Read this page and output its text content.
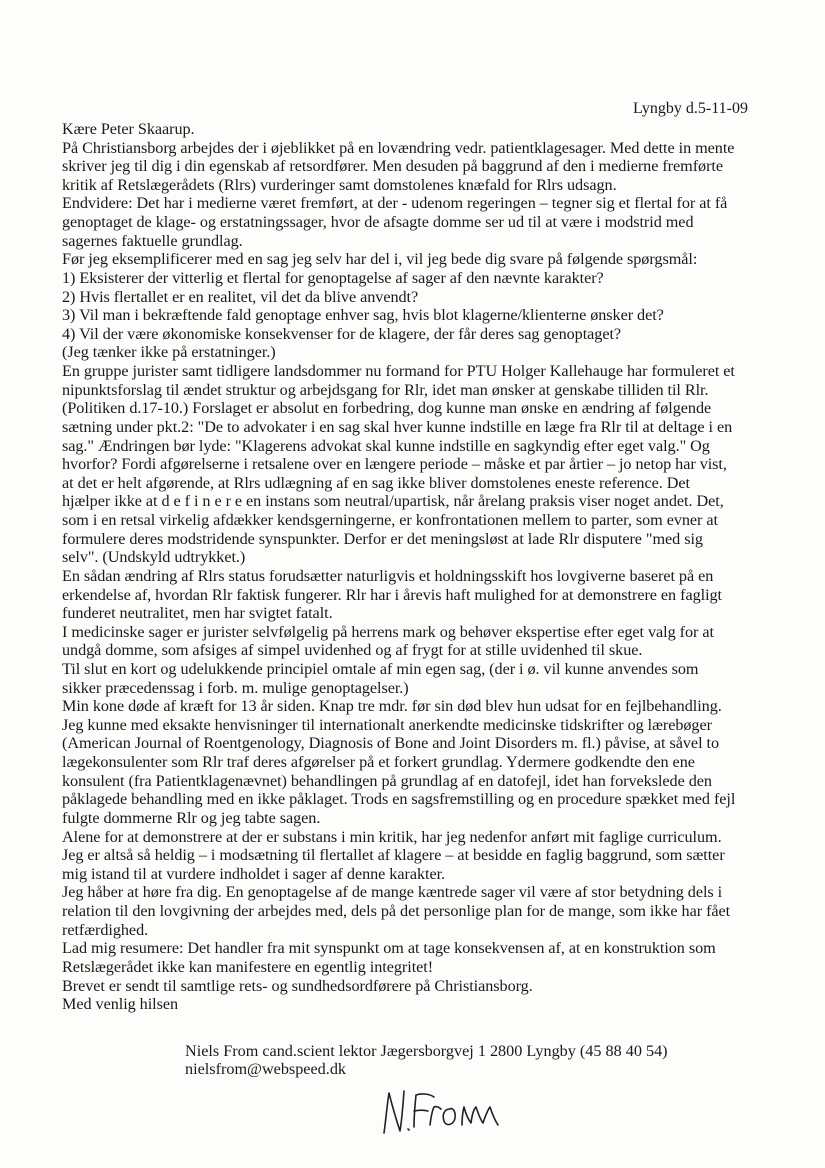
Lyngby d.5-11-09
Kære Peter Skaarup.
På Christiansborg arbejdes der i øjeblikket på en lovændring vedr. patientklagesager. Med dette in mente
skriver jeg til dig i din egenskab af retsordfører. Men desuden på baggrund af den i medierne fremførte
kritik af Retslægerådets (Rlrs) vurderinger samt domstolenes knæfald for Rlrs udsagn.
Endvidere: Det har i medierne været fremført, at der - udenom regeringen – tegner sig et flertal for at få
genoptaget de klage- og erstatningssager, hvor de afsagte domme ser ud til at være i modstrid med
sagernes faktuelle grundlag.
Før jeg eksemplificerer med en sag jeg selv har del i, vil jeg bede dig svare på følgende spørgsmål:
1) Eksisterer der vitterlig et flertal for genoptagelse af sager af den nævnte karakter?
2) Hvis flertallet er en realitet, vil det da blive anvendt?
3) Vil man i bekræftende fald genoptage enhver sag, hvis blot klagerne/klienterne ønsker det?
4) Vil der være økonomiske konsekvenser for de klagere, der får deres sag genoptaget?
(Jeg tænker ikke på erstatninger.)
En gruppe jurister samt tidligere landsdommer nu formand for PTU Holger Kallehauge har formuleret et
nipunktsforslag til ændet struktur og arbejdsgang for Rlr, idet man ønsker at genskabe tilliden til Rlr.
(Politiken d.17-10.) Forslaget er absolut en forbedring, dog kunne man ønske en ændring af følgende
sætning under pkt.2: "De to advokater i en sag skal hver kunne indstille en læge fra Rlr til at deltage i en
sag." Ændringen bør lyde: "Klagerens advokat skal kunne indstille en sagkyndig efter eget valg." Og
hvorfor? Fordi afgørelserne i retsalene over en længere periode – måske et par årtier – jo netop har vist,
at det er helt afgørende, at Rlrs udlægning af en sag ikke bliver domstolenes eneste reference. Det
hjælper ikke at d e f i n e r e en instans som neutral/upartisk, når årelang praksis viser noget andet. Det,
som i en retsal virkelig afdækker kendsgerningerne, er konfrontationen mellem to parter, som evner at
formulere deres modstridende synspunkter. Derfor er det meningsløst at lade Rlr disputere "med sig
selv". (Undskyld udtrykket.)
En sådan ændring af Rlrs status forudsætter naturligvis et holdningsskift hos lovgiverne baseret på en
erkendelse af, hvordan Rlr faktisk fungerer. Rlr har i årevis haft mulighed for at demonstrere en fagligt
funderet neutralitet, men har svigtet fatalt.
I medicinske sager er jurister selvfølgelig på herrens mark og behøver ekspertise efter eget valg for at
undgå domme, som afsiges af simpel uvidenhed og af frygt for at stille uvidenhed til skue.
Til slut en kort og udelukkende principiel omtale af min egen sag, (der i ø. vil kunne anvendes som
sikker præcedenssag i forb. m. mulige genoptagelser.)
Min kone døde af kræft for 13 år siden. Knap tre mdr. før sin død blev hun udsat for en fejlbehandling.
Jeg kunne med eksakte henvisninger til internationalt anerkendte medicinske tidskrifter og lærebøger
(American Journal of Roentgenology, Diagnosis of Bone and Joint Disorders m. fl.) påvise, at såvel to
lægekonsulenter som Rlr traf deres afgørelser på et forkert grundlag. Ydermere godkendte den ene
konsulent (fra Patientklagenævnet) behandlingen på grundlag af en datofejl, idet han forvekslede den
påklagede behandling med en ikke påklaget. Trods en sagsfremstilling og en procedure spækket med fejl
fulgte dommerne Rlr og jeg tabte sagen.
Alene for at demonstrere at der er substans i min kritik, har jeg nedenfor anført mit faglige curriculum.
Jeg er altså så heldig – i modsætning til flertallet af klagere – at besidde en faglig baggrund, som sætter
mig istand til at vurdere indholdet i sager af denne karakter.
Jeg håber at høre fra dig. En genoptagelse af de mange kæntrede sager vil være af stor betydning dels i
relation til den lovgivning der arbejdes med, dels på det personlige plan for de mange, som ikke har fået
retfærdighed.
Lad mig resumere: Det handler fra mit synspunkt om at tage konsekvensen af, at en konstruktion som
Retslægerådet ikke kan manifestere en egentlig integritet!
Brevet er sendt til samtlige rets- og sundhedsordførere på Christiansborg.
Med venlig hilsen
Niels From cand.scient lektor Jægersborgvej 1 2800 Lyngby (45 88 40 54)
nielsfrom@webspeed.dk
